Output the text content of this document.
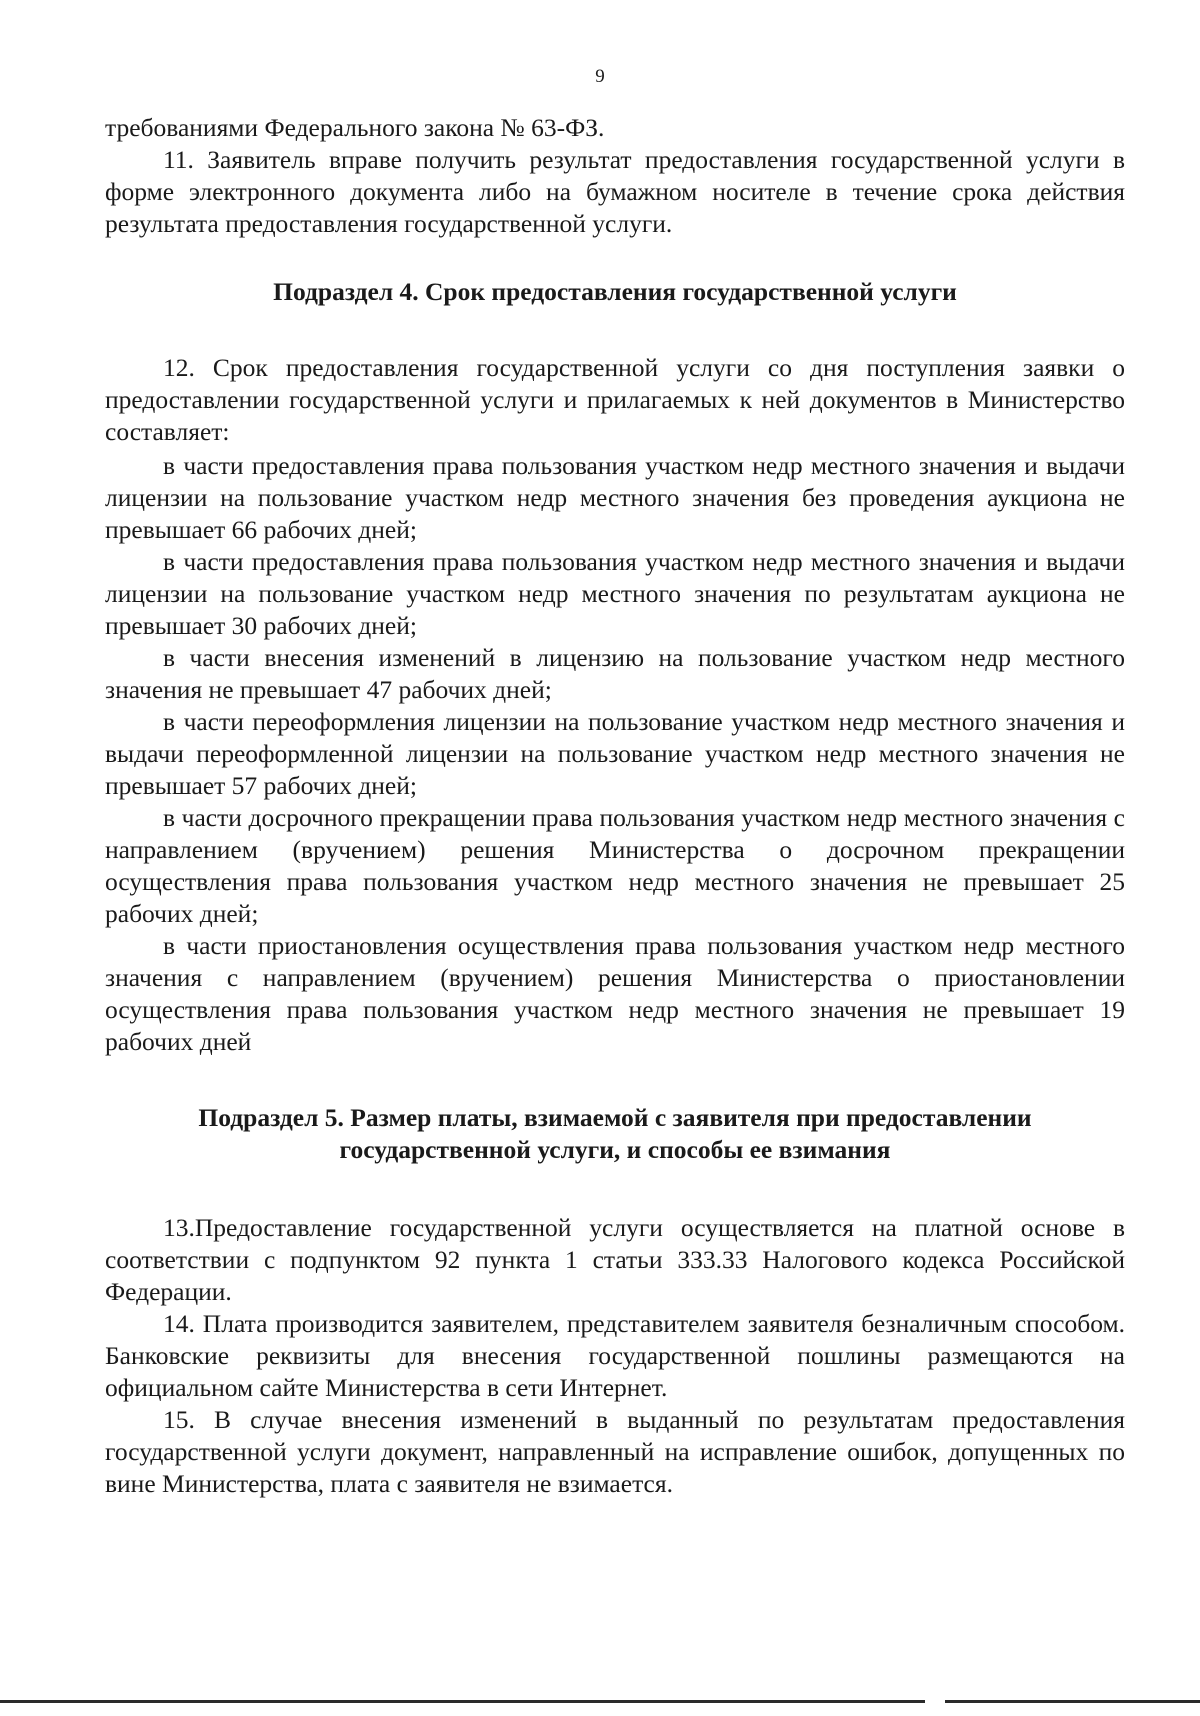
9

требованиями Федерального закона № 63-ФЗ.

11. Заявитель вправе получить результат предоставления государственной услуги в форме электронного документа либо на бумажном носителе в течение срока действия результата предоставления государственной услуги.

Подраздел 4. Срок предоставления государственной услуги

12. Срок предоставления государственной услуги со дня поступления заявки о предоставлении государственной услуги и прилагаемых к ней документов в Министерство составляет:

в части предоставления права пользования участком недр местного значения и выдачи лицензии на пользование участком недр местного значения без проведения аукциона не превышает 66 рабочих дней;

в части предоставления права пользования участком недр местного значения и выдачи лицензии на пользование участком недр местного значения по результатам аукциона не превышает 30 рабочих дней;

в части внесения изменений в лицензию на пользование участком недр местного значения не превышает 47 рабочих дней;

в части переоформления лицензии на пользование участком недр местного значения и выдачи переоформленной лицензии на пользование участком недр местного значения не превышает 57 рабочих дней;

в части досрочного прекращении права пользования участком недр местного значения с направлением (вручением) решения Министерства о досрочном прекращении осуществления права пользования участком недр местного значения не превышает 25 рабочих дней;

в части приостановления осуществления права пользования участком недр местного значения с направлением (вручением) решения Министерства о приостановлении осуществления права пользования участком недр местного значения не превышает 19 рабочих дней

Подраздел 5. Размер платы, взимаемой с заявителя при предоставлении
государственной услуги, и способы ее взимания

13.Предоставление государственной услуги осуществляется на платной основе в соответствии с подпунктом 92 пункта 1 статьи 333.33 Налогового кодекса Российской Федерации.

14. Плата производится заявителем, представителем заявителя безналичным способом. Банковские реквизиты для внесения государственной пошлины размещаются на официальном сайте Министерства в сети Интернет.

15. В случае внесения изменений в выданный по результатам предоставления государственной услуги документ, направленный на исправление ошибок, допущенных по вине Министерства, плата с заявителя не взимается.
